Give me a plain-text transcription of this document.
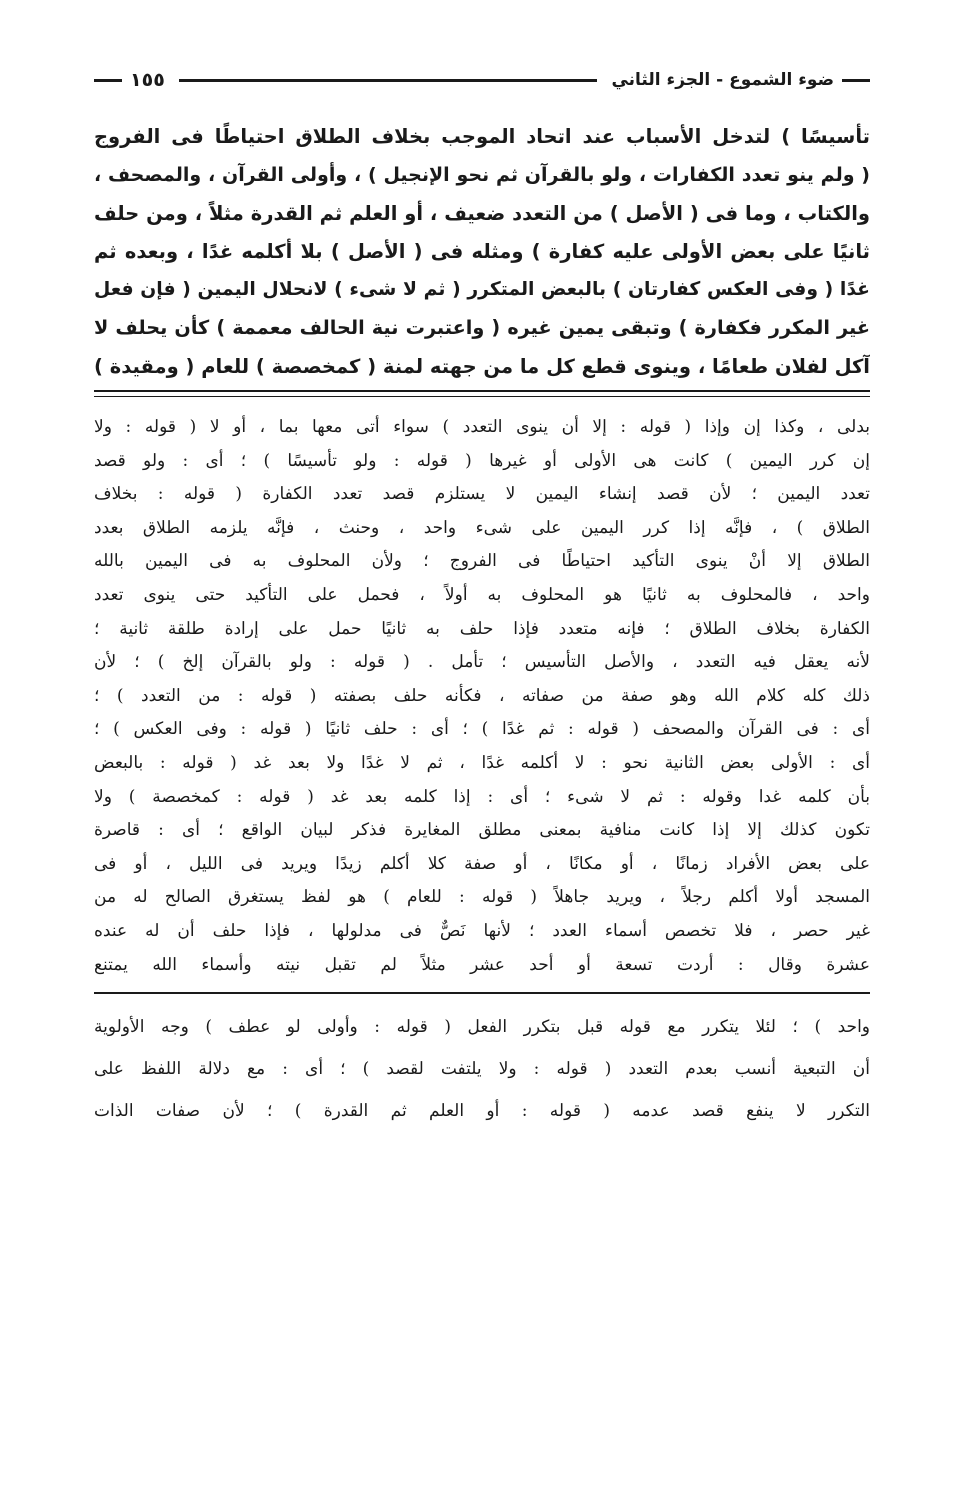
ضوء الشموع - الجزء الثاني
١٥٥
تأسيسًا ) لتدخل الأسباب عند اتحاد الموجب بخلاف الطلاق احتياطًا فى الفروج
( ولم ينو تعدد الكفارات ، ولو بالقرآن ثم نحو الإنجيل ) ، وأولى القرآن ، والمصحف ،
والكتاب ، وما فى ( الأصل ) من التعدد ضعيف ، أو العلم ثم القدرة مثلاً ، ومن حلف
ثانيًا على بعض الأولى عليه كفارة ) ومثله فى ( الأصل ) بلا أكلمه غدًا ، وبعده ثم
غدًا ( وفى العكس كفارتان ) بالبعض المتكرر ( ثم لا شىء ) لانحلال اليمين ( فإن فعل
غير المكرر فكفارة ) وتبقى يمين غيره ( واعتبرت نية الحالف معممة ) كأن يحلف لا
آكل لفلان طعامًا ، وينوى قطع كل ما من جهته لمنة ( كمخصصة ) للعام ( ومقيدة )
بدلى ، وكذا إن وإذا ( قوله : إلا أن ينوى التعدد ) سواء أتى معها بما ، أو لا ( قوله : ولا
إن كرر اليمين ) كانت هى الأولى أو غيرها ( قوله : ولو تأسيسًا ) ؛ أى : ولو قصد
تعدد اليمين ؛ لأن قصد إنشاء اليمين لا يستلزم قصد تعدد الكفارة ( قوله : بخلاف
الطلاق ) ، فإنَّه إذا كرر اليمين على شىء واحد ، وحنث ، فإنَّه يلزمه الطلاق بعدد
الطلاق إلا أنْ ينوى التأكيد احتياطًا فى الفروج ؛ ولأن المحلوف به فى اليمين بالله
واحد ، فالمحلوف به ثانيًا هو المحلوف به أولاً ، فحمل على التأكيد حتى ينوى تعدد
الكفارة بخلاف الطلاق ؛ فإنه متعدد فإذا حلف به ثانيًا حمل على إرادة طلقة ثانية ؛
لأنه يعقل فيه التعدد ، والأصل التأسيس ؛ تأمل . ( قوله : ولو بالقرآن إلخ ) ؛ لأن
ذلك كله كلام الله وهو صفة من صفاته ، فكأنه حلف بصفته ( قوله : من التعدد ) ؛
أى : فى القرآن والمصحف ( قوله : ثم غدًا ) ؛ أى : حلف ثانيًا ( قوله : وفى العكس ) ؛
أى : الأولى بعض الثانية نحو : لا أكلمه غدًا ، ثم لا غدًا ولا بعد غد ( قوله : بالبعض
بأن كلمه غدا وقوله : ثم لا شىء ؛ أى : إذا كلمه بعد غد ( قوله : كمخصصة ) ولا
تكون كذلك إلا إذا كانت منافية بمعنى مطلق المغايرة فذكر لبيان الواقع ؛ أى : قاصرة
على بعض الأفراد زمانًا ، أو مكانًا ، أو صفة كلا أكلم زيدًا ويريد فى الليل ، أو فى
المسجد أولا أكلم رجلاً ، ويريد جاهلاً ( قوله : للعام ) هو لفظ يستغرق الصالح له من
غير حصر ، فلا تخصص أسماء العدد ؛ لأنها نَصٌّ فى مدلولها ، فإذا حلف أن له عنده
عشرة وقال : أردت تسعة أو أحد عشر مثلاً لم تقبل نيته وأسماء الله يمتنع
واحد ) ؛ لئلا يتكرر مع قوله قبل بتكرر الفعل ( قوله : وأولى لو عطف ) وجه الأولوية
أن التبعية أنسب بعدم التعدد ( قوله : ولا يلتفت لقصد ) ؛ أى : مع دلالة اللفظ على
التكرر لا ينفع قصد عدمه ( قوله : أو العلم ثم القدرة ) ؛ لأن صفات الذات
